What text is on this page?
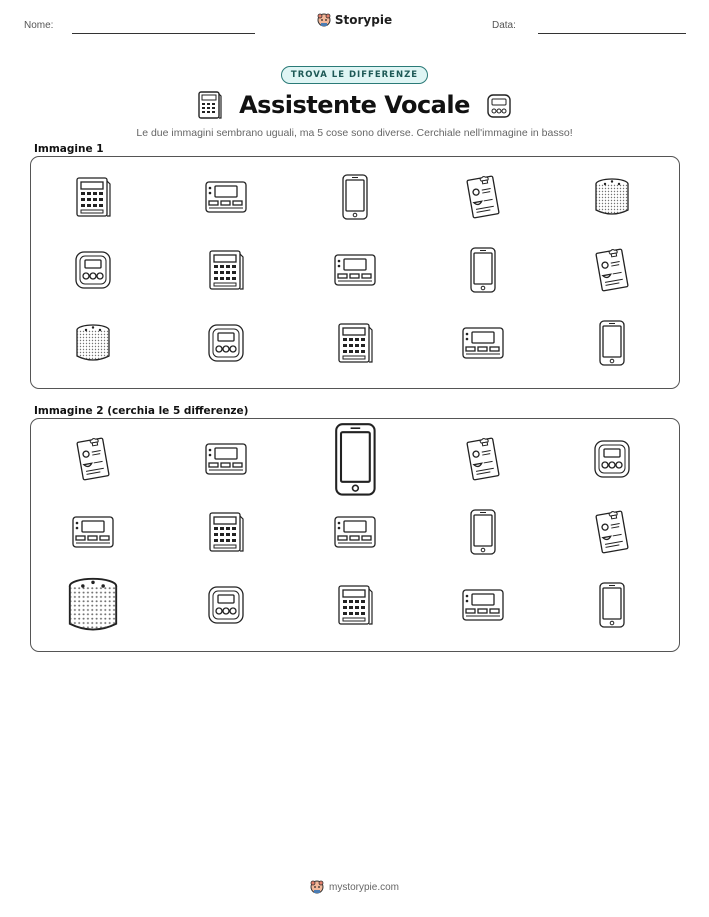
Nome:	Data:
Storypie
TROVA LE DIFFERENZE
Assistente Vocale

Le due immagini sembrano uguali, ma 5 cose sono diverse. Cerchiale nell'immagine in basso!

Immagine 1
Immagine 2 (cerchia le 5 differenze)
mystorypie.com
